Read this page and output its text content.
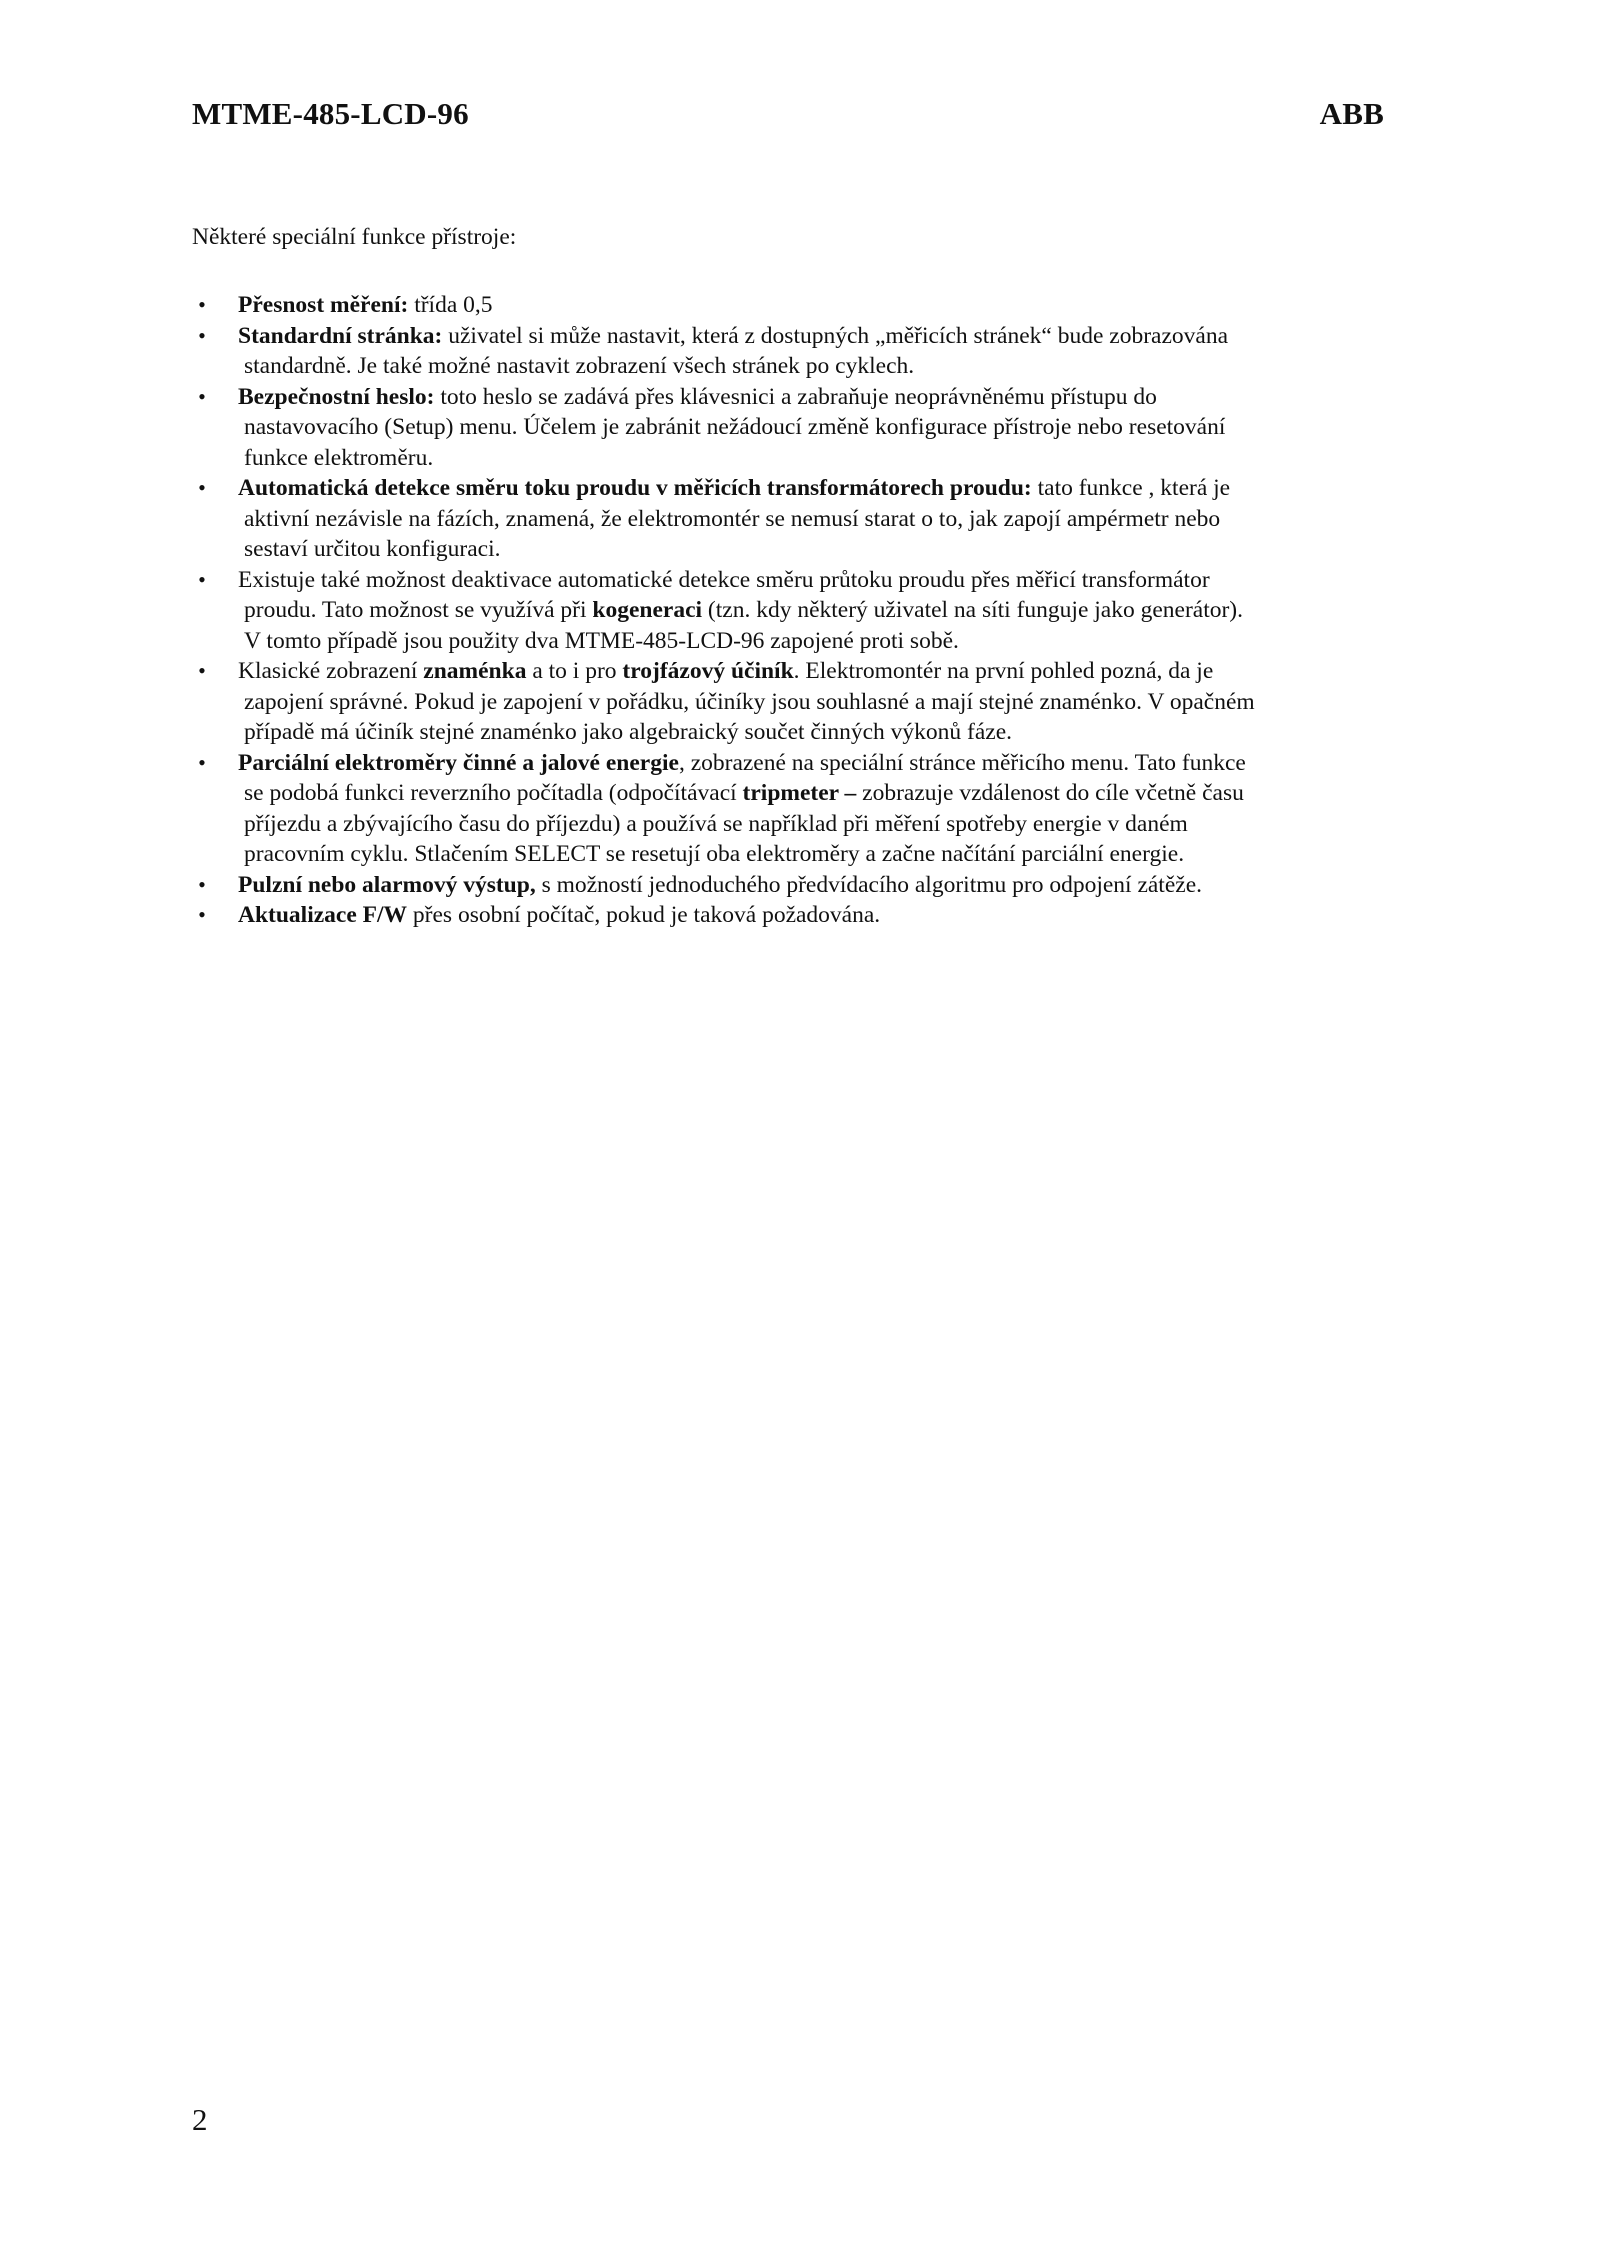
MTME-485-LCD-96	ABB
Některé speciální funkce přístroje:
• Přesnost měření: třída 0,5
• Standardní stránka: uživatel si může nastavit, která z dostupných „měřicích stránek“ bude zobrazována
standardně. Je také možné nastavit zobrazení všech stránek po cyklech.
• Bezpečnostní heslo: toto heslo se zadává přes klávesnici a zabraňuje neoprávněnému přístupu do
nastavovacího (Setup) menu. Účelem je zabránit nežádoucí změně konfigurace přístroje nebo resetování
funkce elektroměru.
• Automatická detekce směru toku proudu v měřicích transformátorech proudu: tato funkce , která je
aktivní nezávisle na fázích, znamená, že elektromontér se nemusí starat o to, jak zapojí ampérmetr nebo
sestaví určitou konfiguraci.
• Existuje také možnost deaktivace automatické detekce směru průtoku proudu přes měřicí transformátor
proudu. Tato možnost se využívá při kogeneraci (tzn. kdy některý uživatel na síti funguje jako generátor).
V tomto případě jsou použity dva MTME-485-LCD-96 zapojené proti sobě.
• Klasické zobrazení znaménka a to i pro trojfázový účiník. Elektromontér na první pohled pozná, da je
zapojení správné. Pokud je zapojení v pořádku, účiníky jsou souhlasné a mají stejné znaménko. V opačném
případě má účiník stejné znaménko jako algebraický součet činných výkonů fáze.
• Parciální elektroměry činné a jalové energie, zobrazené na speciální stránce měřicího menu. Tato funkce
se podobá funkci reverzního počítadla (odpočítávací tripmeter – zobrazuje vzdálenost do cíle včetně času
příjezdu a zbývajícího času do příjezdu) a používá se například při měření spotřeby energie v daném
pracovním cyklu. Stlačením SELECT se resetují oba elektroměry a začne načítání parciální energie.
• Pulzní nebo alarmový výstup, s možností jednoduchého předvídacího algoritmu pro odpojení zátěže.
• Aktualizace F/W přes osobní počítač, pokud je taková požadována.
2
